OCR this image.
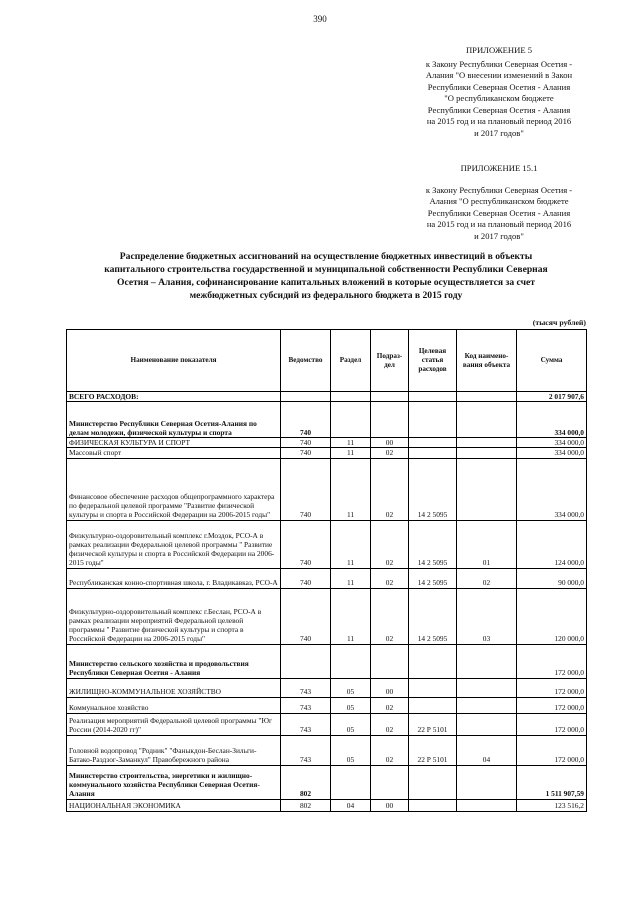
390
ПРИЛОЖЕНИЕ 5
к Закону Республики Северная Осетия -
Алания "О внесении изменений в Закон
Республики Северная Осетия - Алания
"О республиканском бюджете
Республики Северная Осетия - Алания
на 2015 год и на плановый период 2016
и 2017 годов"
ПРИЛОЖЕНИЕ 15.1
к Закону Республики Северная Осетия -
Алания "О республиканском бюджете
Республики Северная Осетия - Алания
на 2015 год и на плановый период 2016
и 2017 годов"
Распределение бюджетных ассигнований на осуществление бюджетных инвестиций в объекты
капитального строительства государственной и муниципальной собственности Республики Северная
Осетия – Алания, софинансирование капитальных вложений в которые осуществляется за счет
межбюджетных субсидий из федерального бюджета в 2015 году
(тысяч рублей)
Наименование показателя	Ведомство	Раздел	Подраз-дел	Целевая статья расходов	Код наимено-вания объекта	Сумма
ВСЕГО РАСХОДОВ:						2 017 907,6
Министерство Республики Северная Осетия-Алания по делам молодежи, физической культуры и спорта	740					334 000,0
ФИЗИЧЕСКАЯ КУЛЬТУРА И СПОРТ	740	11	00			334 000,0
Массовый спорт	740	11	02			334 000,0
Финансовое обеспечение расходов общепрограммного характера по федеральной целевой программе "Развитие физической культуры и спорта в Российской Федерации на 2006-2015 годы"	740	11	02	14 2 5095		334 000,0
Физкультурно-оздоровительный комплекс г.Моздок, РСО-А в рамках реализации Федеральной целевой программы " Развитие физической культуры и спорта в Российской Федерации на 2006-2015 годы"	740	11	02	14 2 5095	01	124 000,0
Республиканская конно-спортивная школа, г. Владикавказ, РСО-А	740	11	02	14 2 5095	02	90 000,0
Физкультурно-оздоровительный комплекс г.Беслан, РСО-А в рамках реализации мероприятий Федеральной целевой программы " Развитие физической культуры и спорта в Российской Федерации на 2006-2015 годы"	740	11	02	14 2 5095	03	120 000,0
Министерство сельского хозяйства и продовольствия Республики Северная Осетия - Алания						172 000,0
ЖИЛИЩНО-КОММУНАЛЬНОЕ ХОЗЯЙСТВО	743	05	00			172 000,0
Коммунальное хозяйство	743	05	02			172 000,0
Реализация мероприятий Федеральной целевой программы "Юг России (2014-2020 гг)"	743	05	02	22 Р 5101		172 000,0
Головной водопровод "Родник" "Фаныкдон-Беслан-Зильги-Батако-Раздзог-Заманкул" Правобережного района	743	05	02	22 Р 5101	04	172 000,0
Министерство строительства, энергетики и жилищно-коммунального хозяйства Республики Северная Осетия-Алания	802					1 511 907,59
НАЦИОНАЛЬНАЯ ЭКОНОМИКА	802	04	00			123 516,2
